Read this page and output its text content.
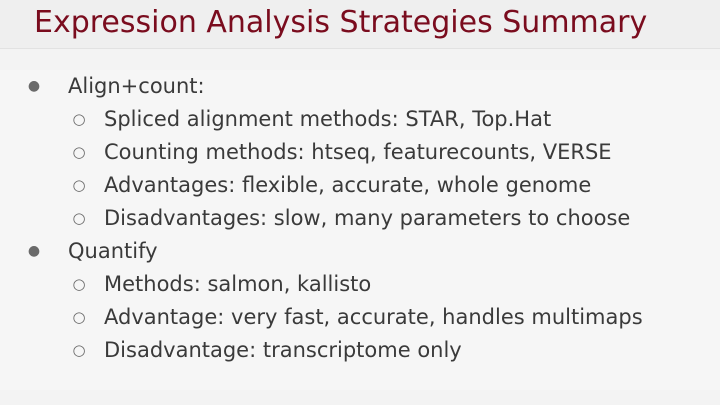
Expression Analysis Strategies Summary
● Align+count:
○ Spliced alignment methods: STAR, Top.Hat
○ Counting methods: htseq, featurecounts, VERSE
○ Advantages: flexible, accurate, whole genome
○ Disadvantages: slow, many parameters to choose
● Quantify
○ Methods: salmon, kallisto
○ Advantage: very fast, accurate, handles multimaps
○ Disadvantage: transcriptome only
